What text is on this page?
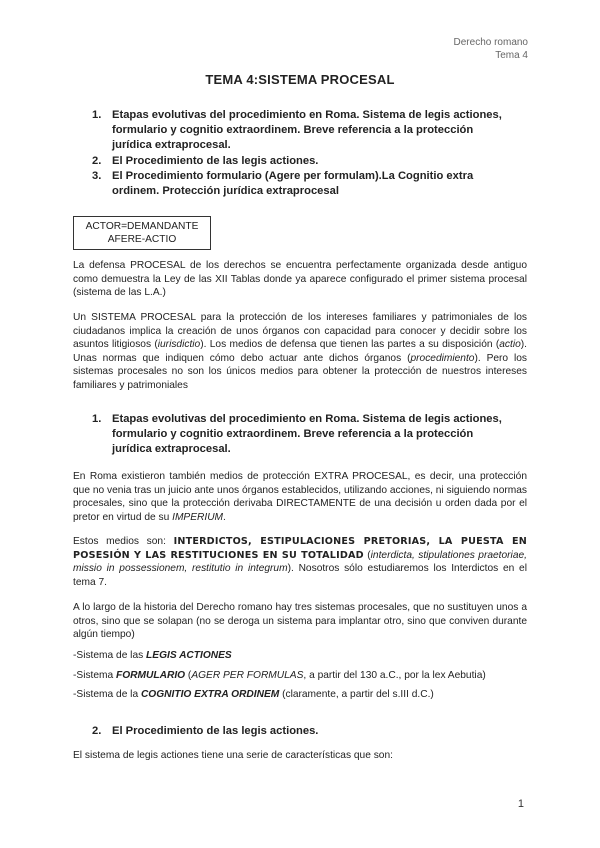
Derecho romano
Tema 4
TEMA 4:SISTEMA PROCESAL
1. Etapas evolutivas del procedimiento en Roma. Sistema de legis actiones, formulario y cognitio extraordinem. Breve referencia a la protección jurídica extraprocesal.
2. El Procedimiento de las legis actiones.
3. El Procedimiento formulario (Agere per formulam).La Cognitio extra ordinem. Protección jurídica extraprocesal
ACTOR=DEMANDANTE
AFERE-ACTIO

La defensa PROCESAL de los derechos se encuentra perfectamente organizada desde antiguo como demuestra la Ley de las XII Tablas donde ya aparece configurado el primer sistema procesal (sistema de las L.A.)

Un SISTEMA PROCESAL para la protección de los intereses familiares y patrimoniales de los ciudadanos implica la creación de unos órganos con capacidad para conocer y decidir sobre los asuntos litigiosos (iurisdictio). Los medios de defensa que tienen las partes a su disposición (actio). Unas normas que indiquen cómo debo actuar ante dichos órganos (procedimiento). Pero los sistemas procesales no son los únicos medios para obtener la protección de nuestros intereses familiares y patrimoniales

1. Etapas evolutivas del procedimiento en Roma. Sistema de legis actiones, formulario y cognitio extraordinem. Breve referencia a la protección jurídica extraprocesal.

En Roma existieron también medios de protección EXTRA PROCESAL, es decir, una protección que no venia tras un juicio ante unos órganos establecidos, utilizando acciones, ni siguiendo normas procesales, sino que la protección derivaba DIRECTAMENTE de una decisión u orden dada por el pretor en virtud de su IMPERIUM.

Estos medios son: INTERDICTOS, ESTIPULACIONES PRETORIAS, LA PUESTA EN POSESIÓN Y LAS RESTITUCIONES EN SU TOTALIDAD (interdicta, stipulationes praetoriae, missio in possessionem, restitutio in integrum). Nosotros sólo estudiaremos los Interdictos en el tema 7.

A lo largo de la historia del Derecho romano hay tres sistemas procesales, que no sustituyen unos a otros, sino que se solapan (no se deroga un sistema para implantar otro, sino que conviven durante algún tiempo)

-Sistema de las LEGIS ACTIONES
-Sistema FORMULARIO (AGER PER FORMULAS, a partir del 130 a.C., por la lex Aebutia)
-Sistema de la COGNITIO EXTRA ORDINEM (claramente, a partir del s.III d.C.)
2. El Procedimiento de las legis actiones.

El sistema de legis actiones tiene una serie de características que son:

1
